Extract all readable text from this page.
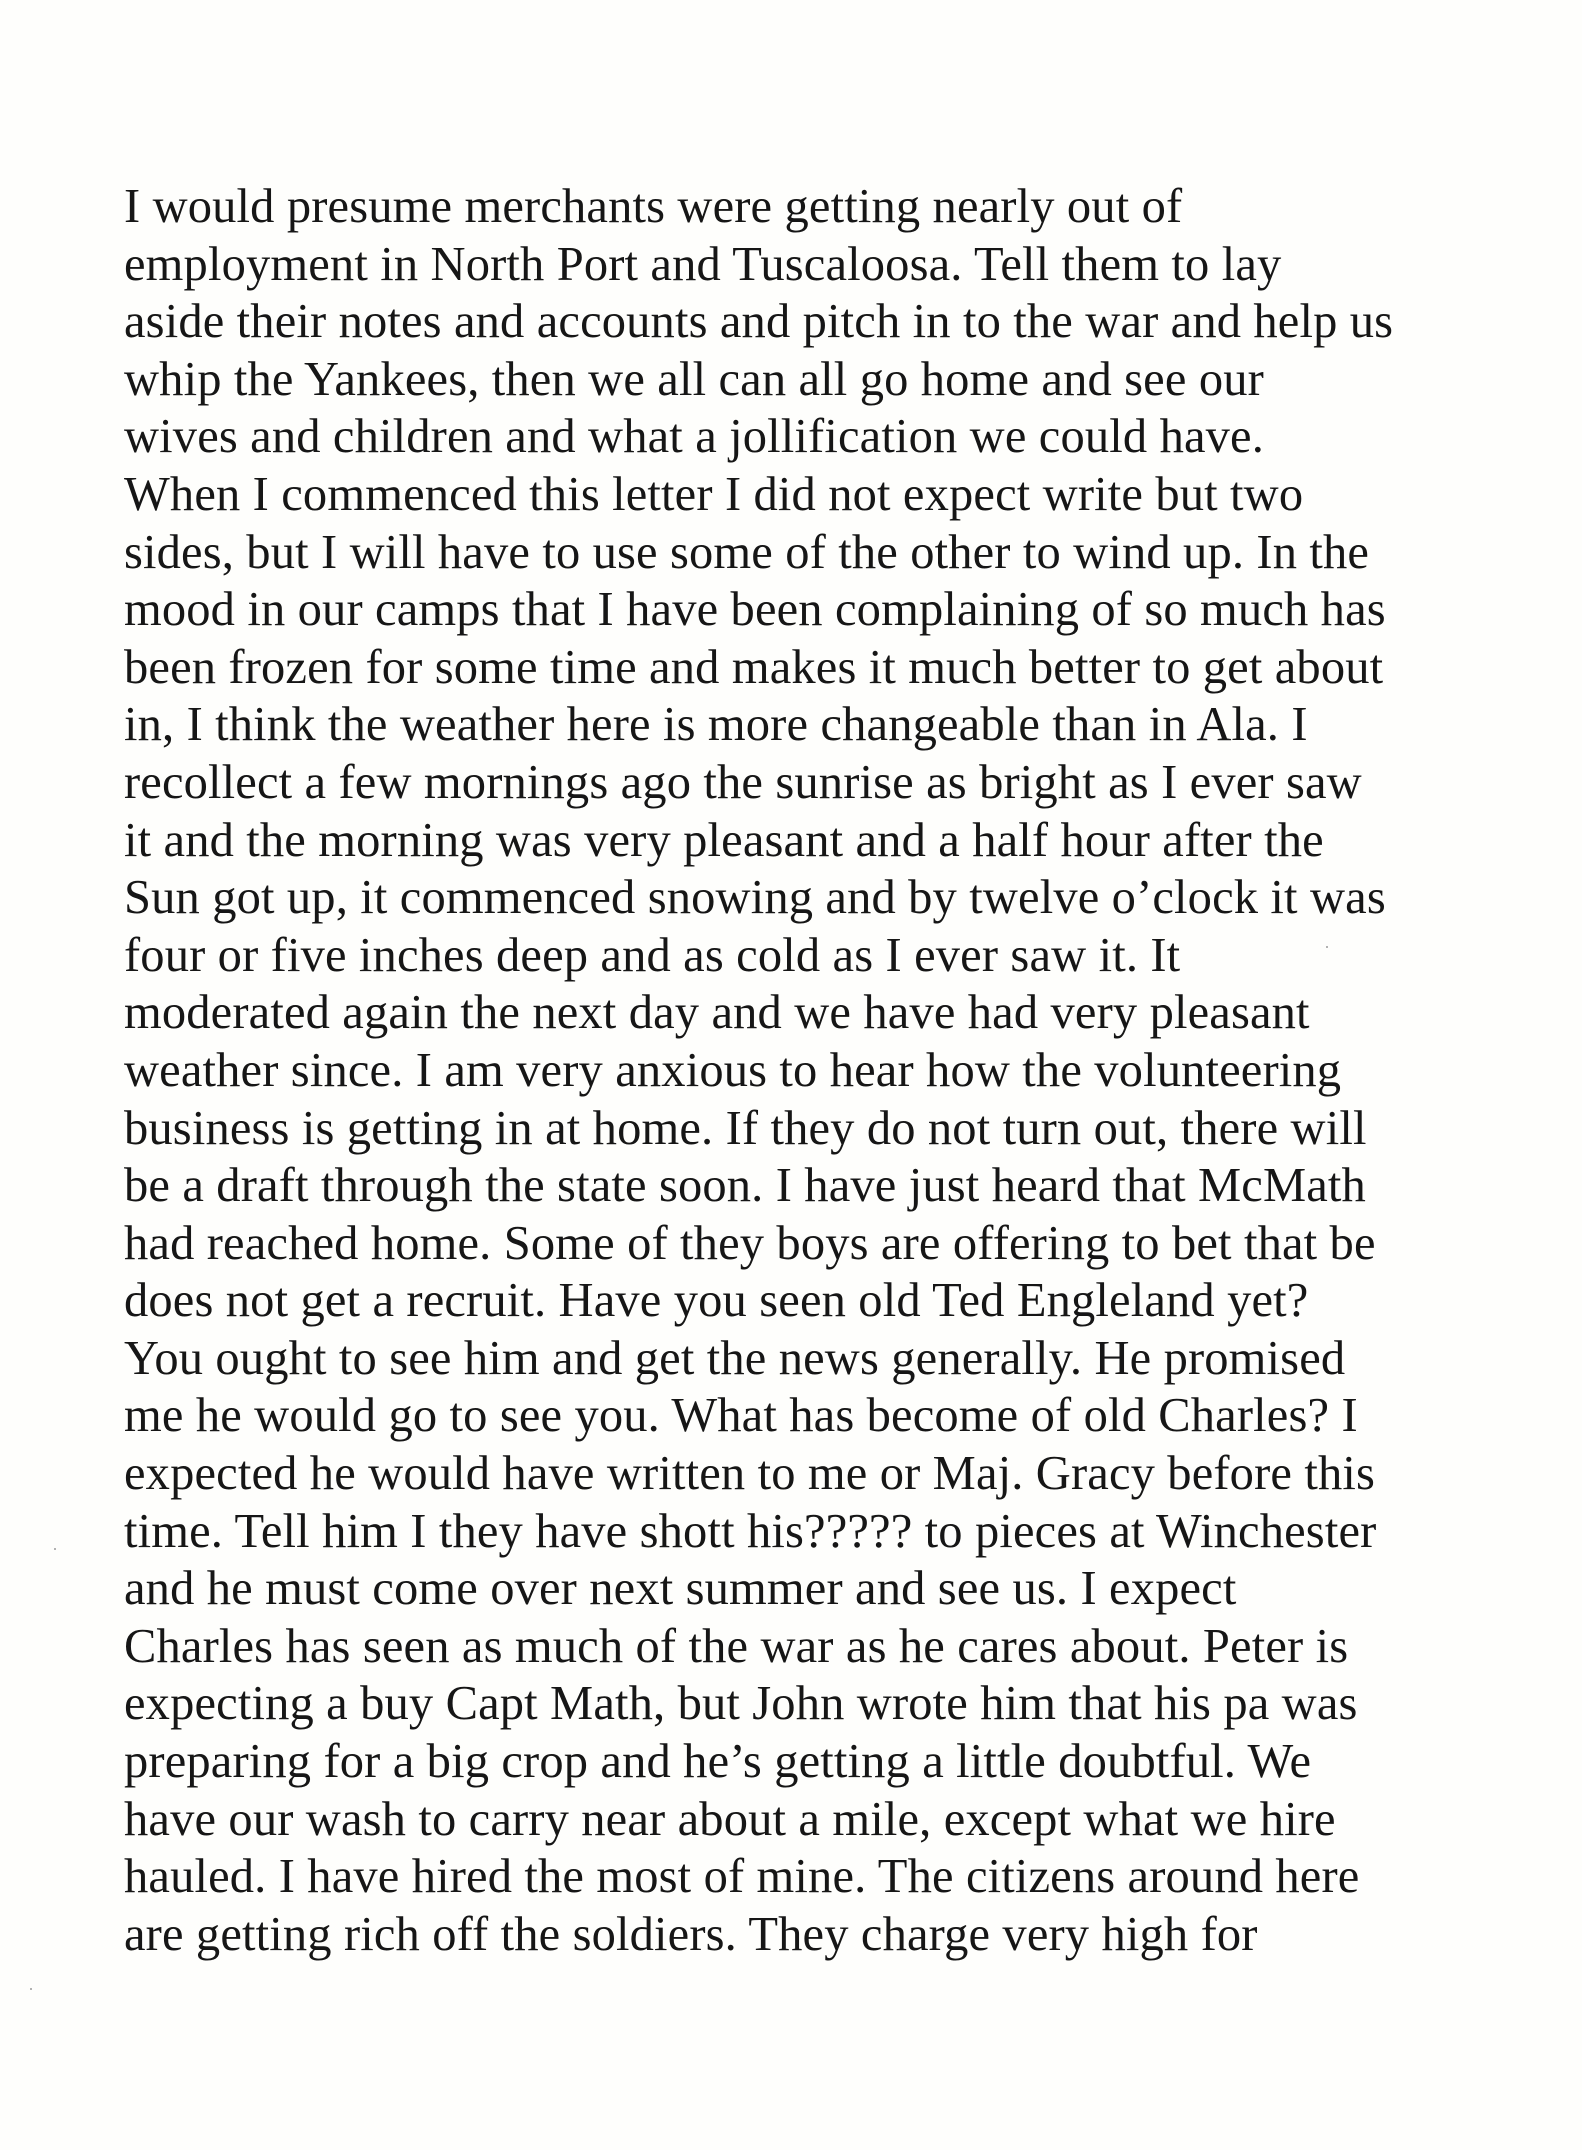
I would presume merchants were getting nearly out of
employment in North Port and Tuscaloosa. Tell them to lay
aside their notes and accounts and pitch in to the war and help us
whip the Yankees, then we all can all go home and see our
wives and children and what a jollification we could have.
When I commenced this letter I did not expect write but two
sides, but I will have to use some of the other to wind up. In the
mood in our camps that I have been complaining of so much has
been frozen for some time and makes it much better to get about
in, I think the weather here is more changeable than in Ala. I
recollect a few mornings ago the sunrise as bright as I ever saw
it and the morning was very pleasant and a half hour after the
Sun got up, it commenced snowing and by twelve o’clock it was
four or five inches deep and as cold as I ever saw it. It
moderated again the next day and we have had very pleasant
weather since. I am very anxious to hear how the volunteering
business is getting in at home. If they do not turn out, there will
be a draft through the state soon. I have just heard that McMath
had reached home. Some of they boys are offering to bet that be
does not get a recruit. Have you seen old Ted Engleland yet?
You ought to see him and get the news generally. He promised
me he would go to see you. What has become of old Charles? I
expected he would have written to me or Maj. Gracy before this
time. Tell him I they have shott his????? to pieces at Winchester
and he must come over next summer and see us. I expect
Charles has seen as much of the war as he cares about. Peter is
expecting a buy Capt Math, but John wrote him that his pa was
preparing for a big crop and he’s getting a little doubtful. We
have our wash to carry near about a mile, except what we hire
hauled. I have hired the most of mine. The citizens around here
are getting rich off the soldiers. They charge very high for
